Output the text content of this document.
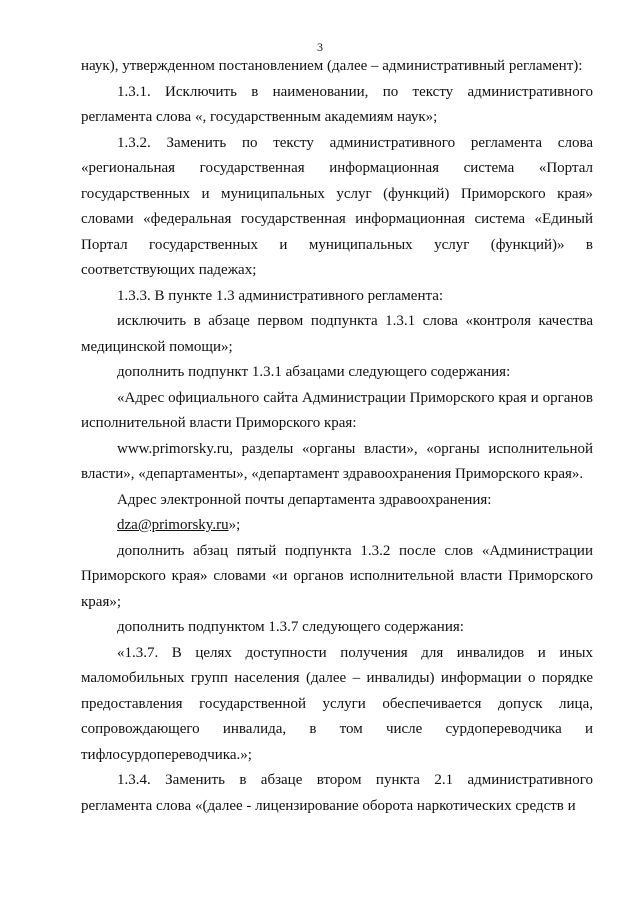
3

наук), утвержденном постановлением (далее – административный регламент):

1.3.1. Исключить в наименовании, по тексту административного регламента слова «, государственным академиям наук»;

1.3.2. Заменить по тексту административного регламента слова «региональная государственная информационная система «Портал государственных и муниципальных услуг (функций) Приморского края» словами «федеральная государственная информационная система «Единый Портал государственных и муниципальных услуг (функций)» в соответствующих падежах;

1.3.3. В пункте 1.3 административного регламента:

исключить в абзаце первом подпункта 1.3.1 слова «контроля качества медицинской помощи»;

дополнить подпункт 1.3.1 абзацами следующего содержания:

«Адрес официального сайта Администрации Приморского края и органов исполнительной власти Приморского края:

www.primorsky.ru, разделы «органы власти», «органы исполнительной власти», «департаменты», «департамент здравоохранения Приморского края».

Адрес электронной почты департамента здравоохранения:

dza@primorsky.ru»;

дополнить абзац пятый подпункта 1.3.2 после слов «Администрации Приморского края» словами «и органов исполнительной власти Приморского края»;

дополнить подпунктом 1.3.7 следующего содержания:

«1.3.7. В целях доступности получения для инвалидов и иных маломобильных групп населения (далее – инвалиды) информации о порядке предоставления государственной услуги обеспечивается допуск лица, сопровождающего инвалида, в том числе сурдопереводчика и тифлосурдопереводчика.»;

1.3.4. Заменить в абзаце втором пункта 2.1 административного регламента слова «(далее - лицензирование оборота наркотических средств и
